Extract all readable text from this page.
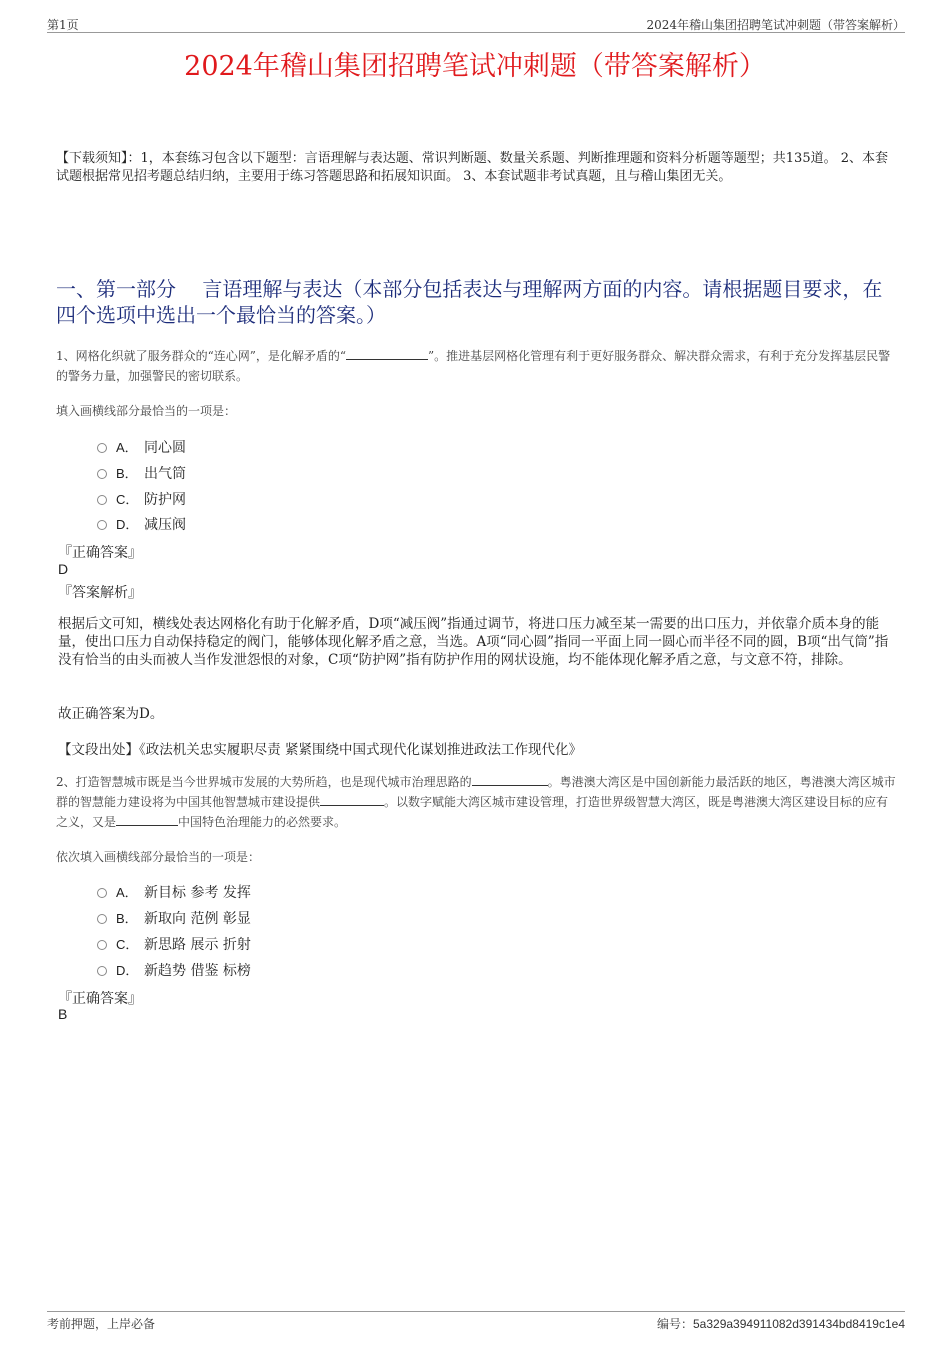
第1页	2024年稽山集团招聘笔试冲刺题（带答案解析）
2024年稽山集团招聘笔试冲刺题（带答案解析）
【下载须知】：1，本套练习包含以下题型：言语理解与表达题、常识判断题、数量关系题、判断推理题和资料分析题等题型；共135道。 2、本套试题根据常见招考题总结归纳，主要用于练习答题思路和拓展知识面。 3、本套试题非考试真题，且与稽山集团无关。
一、第一部分　 言语理解与表达（本部分包括表达与理解两方面的内容。请根据题目要求，在四个选项中选出一个最恰当的答案。）
1、网格化织就了服务群众的“连心网”，是化解矛盾的“	”。推进基层网格化管理有利于更好服务群众、解决群众需求，有利于充分发挥基层民警的警务力量，加强警民的密切联系。
填入画横线部分最恰当的一项是：
A． 同心圆
B． 出气筒
C． 防护网
D． 减压阀
『正确答案』
D
『答案解析』
根据后文可知，横线处表达网格化有助于化解矛盾，D项“减压阀”指通过调节，将进口压力减至某一需要的出口压力，并依靠介质本身的能量，使出口压力自动保持稳定的阀门，能够体现化解矛盾之意，当选。A项“同心圆”指同一平面上同一圆心而半径不同的圆，B项“出气筒”指没有恰当的由头而被人当作发泄怨恨的对象，C项“防护网”指有防护作用的网状设施，均不能体现化解矛盾之意，与文意不符，排除。
故正确答案为D。
【文段出处】《政法机关忠实履职尽责 紧紧围绕中国式现代化谋划推进政法工作现代化》
2、打造智慧城市既是当今世界城市发展的大势所趋，也是现代城市治理思路的	。粤港澳大湾区是中国创新能力最活跃的地区，粤港澳大湾区城市群的智慧能力建设将为中国其他智慧城市建设提供	。以数字赋能大湾区城市建设管理，打造世界级智慧大湾区，既是粤港澳大湾区建设目标的应有之义，又是	中国特色治理能力的必然要求。
依次填入画横线部分最恰当的一项是：
A． 新目标 参考 发挥
B． 新取向 范例 彰显
C． 新思路 展示 折射
D． 新趋势 借鉴 标榜
『正确答案』
B
考前押题，上岸必备	编号：5a329a394911082d391434bd8419c1e4
